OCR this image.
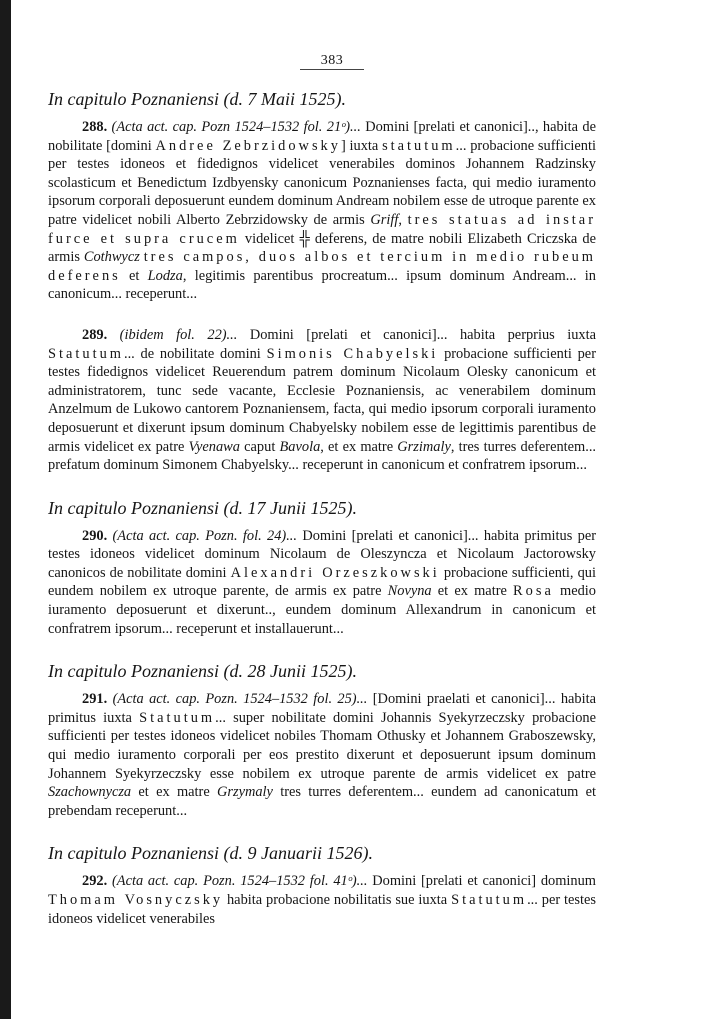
383

In capitulo Poznaniensi (d. 7 Maii 1525).

288. (Acta act. cap. Pozn 1524–1532 fol. 21ᵒ)... Domini [prelati et canonici].., habita de nobilitate [domini Andree Zebrzidowsky] iuxta statutum... probacione sufficienti per testes idoneos et fidedignos videlicet venerabiles dominos Johannem Radzinsky scolasticum et Benedictum Izdbyensky canonicum Poznanienses facta, qui medio iuramento ipsorum corporali deposuerunt eundem dominum Andream nobilem esse de utroque parente ex patre videlicet nobili Alberto Zebrzidowsky de armis Griff, tres statuas ad instar furce et supra crucem videlicet ╬ deferens, de matre nobili Elizabeth Criczska de armis Cothwycz tres campos, duos albos et tercium in medio rubeum deferens et Lodza, legitimis parentibus procreatum... ipsum dominum Andream... in canonicum... receperunt...

289. (ibidem fol. 22)... Domini [prelati et canonici]... habita perprius iuxta Statutum... de nobilitate domini Simonis Chabyelski probacione sufficienti per testes fidedignos videlicet Reuerendum patrem dominum Nicolaum Olesky canonicum et administratorem, tunc sede vacante, Ecclesie Poznaniensis, ac venerabilem dominum Anzelmum de Lukowo cantorem Poznaniensem, facta, qui medio ipsorum corporali iuramento deposuerunt et dixerunt ipsum dominum Chabyelsky nobilem esse de legittimis parentibus de armis videlicet ex patre Vyenawa caput Bavola, et ex matre Grzimaly, tres turres deferentem... prefatum dominum Simonem Chabyelsky... receperunt in canonicum et confratrem ipsorum...

In capitulo Poznaniensi (d. 17 Junii 1525).

290. (Acta act. cap. Pozn. fol. 24)... Domini [prelati et canonici]... habita primitus per testes idoneos videlicet dominum Nicolaum de Oleszyncza et Nicolaum Jactorowsky canonicos de nobilitate domini Alexandri Orzeszkowski probacione sufficienti, qui eundem nobilem ex utroque parente, de armis ex patre Novyna et ex matre Rosa medio iuramento deposuerunt et dixerunt.., eundem dominum Allexandrum in canonicum et confratrem ipsorum... receperunt et installauerunt...

In capitulo Poznaniensi (d. 28 Junii 1525).

291. (Acta act. cap. Pozn. 1524–1532 fol. 25)... [Domini praelati et canonici]... habita primitus iuxta Statutum... super nobilitate domini Johannis Syekyrzeczsky probacione sufficienti per testes idoneos videlicet nobiles Thomam Othusky et Johannem Graboszewsky, qui medio iuramento corporali per eos prestito dixerunt et deposuerunt ipsum dominum Johannem Syekyrzeczsky esse nobilem ex utroque parente de armis videlicet ex patre Szachownycza et ex matre Grzymaly tres turres deferentem... eundem ad canonicatum et prebendam receperunt...

In capitulo Poznaniensi (d. 9 Januarii 1526).

292. (Acta act. cap. Pozn. 1524–1532 fol. 41ᵒ)... Domini [prelati et canonici] dominum Thomam Vosnyczsky habita probacione nobilitatis sue iuxta Statutum... per testes idoneos videlicet venerabiles
